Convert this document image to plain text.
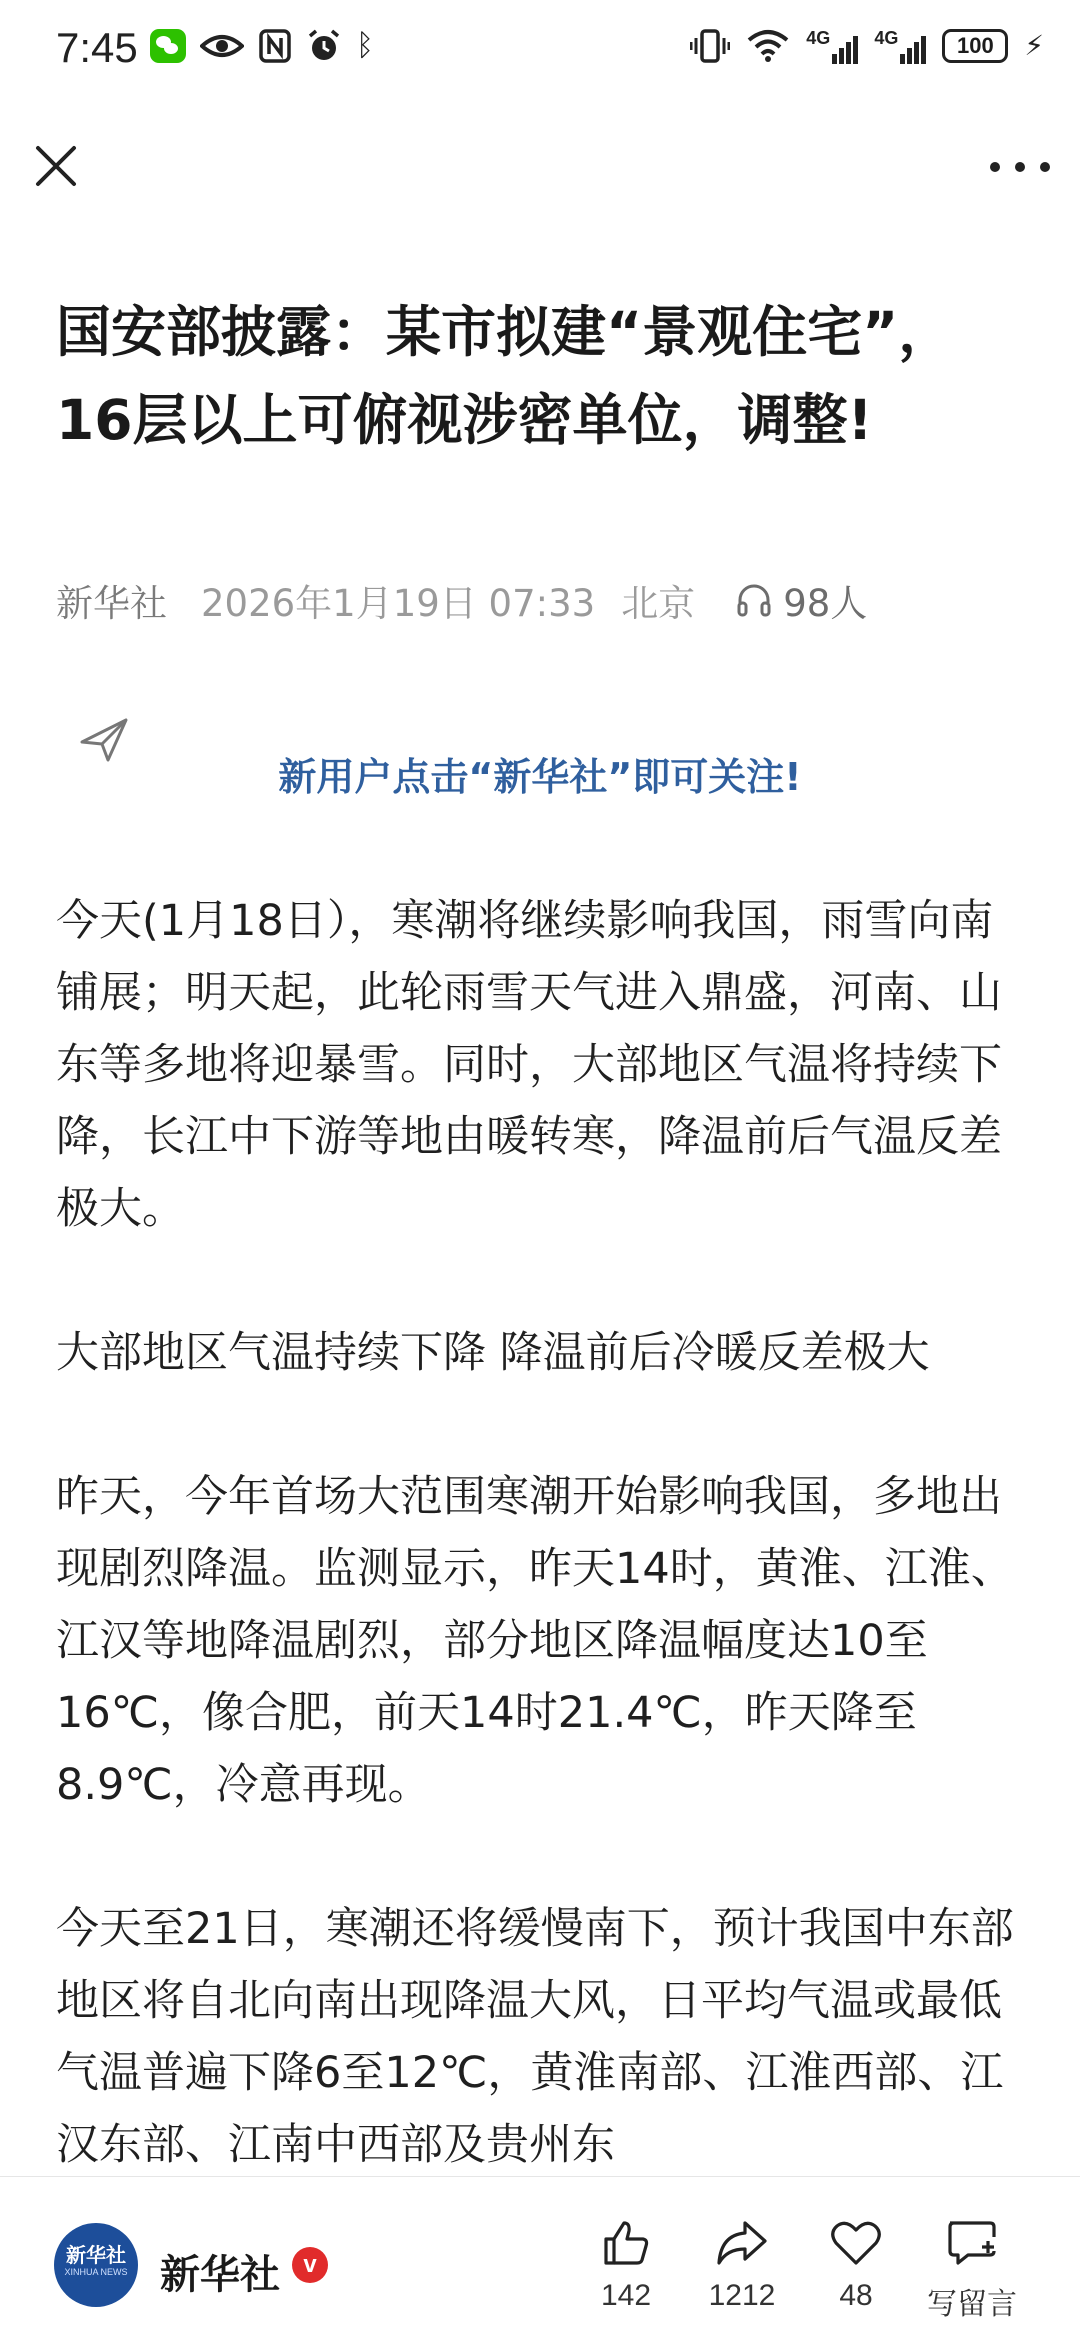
7:45	ᛒ	4G 4G	100 ⚡
国安部披露：某市拟建“景观住宅”，16层以上可俯视涉密单位，调整!
新华社 2026年1月19日 07:33 北京 98人
新用户点击“新华社”即可关注!

今天(1月18日），寒潮将继续影响我国，雨雪向南铺展；明天起，此轮雨雪天气进入鼎盛，河南、山东等多地将迎暴雪。同时，大部地区气温将持续下降，长江中下游等地由暖转寒，降温前后气温反差极大。

大部地区气温持续下降 降温前后冷暖反差极大

昨天，今年首场大范围寒潮开始影响我国，多地出现剧烈降温。监测显示，昨天14时，黄淮、江淮、江汉等地降温剧烈，部分地区降温幅度达10至16℃，像合肥，前天14时21.4℃，昨天降至8.9℃，冷意再现。

今天至21日，寒潮还将缓慢南下，预计我国中东部地区将自北向南出现降温大风，日平均气温或最低气温普遍下降6至12℃，黄淮南部、江淮西部、江汉东部、江南中西部及贵州东

新华社
XINHUA NEWS 新华社 v
142	1212	48	写留言
